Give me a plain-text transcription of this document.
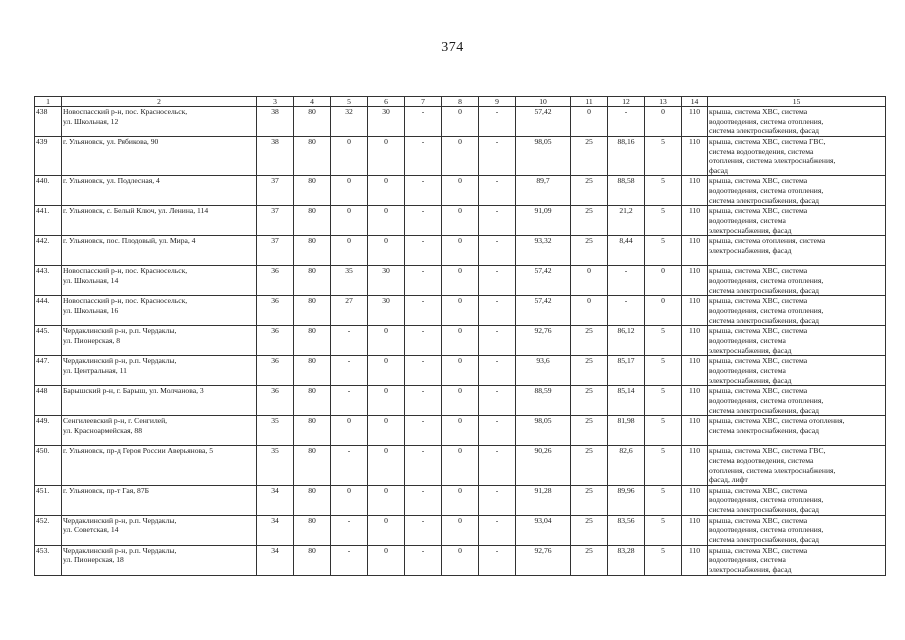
374
1	2	3	4	5	6	7	8	9	10	11	12	13	14	15
438	Новоспасский р-н, пос. Красносельск,
ул. Школьная, 12	38	80	32	30	-	0	-	57,42	0	-	0	110	крыша, система ХВС, система
водоотведения, система отопления,
система электроснабжения, фасад
439	г. Ульяновск, ул. Рябикова, 90	38	80	0	0	-	0	-	98,05	25	88,16	5	110	крыша, система ХВС, система ГВС,
система водоотведения, система
отопления, система электроснабжения,
фасад
440.	г. Ульяновск, ул. Подлесная, 4	37	80	0	0	-	0	-	89,7	25	88,58	5	110	крыша, система ХВС, система
водоотведения, система отопления,
система электроснабжения, фасад
441.	г. Ульяновск, с. Белый Ключ, ул. Ленина, 114	37	80	0	0	-	0	-	91,09	25	21,2	5	110	крыша, система ХВС, система
водоотведения, система
электроснабжения, фасад
442.	г. Ульяновск, пос. Плодовый, ул. Мира, 4	37	80	0	0	-	0	-	93,32	25	8,44	5	110	крыша, система отопления, система
электроснабжения, фасад
443.	Новоспасский р-н, пос. Красносельск,
ул. Школьная, 14	36	80	35	30	-	0	-	57,42	0	-	0	110	крыша, система ХВС, система
водоотведения, система отопления,
система электроснабжения, фасад
444.	Новоспасский р-н, пос. Красносельск,
ул. Школьная, 16	36	80	27	30	-	0	-	57,42	0	-	0	110	крыша, система ХВС, система
водоотведения, система отопления,
система электроснабжения, фасад
445.	Чердаклинский р-н, р.п. Чердаклы,
ул. Пионерская, 8	36	80	-	0	-	0	-	92,76	25	86,12	5	110	крыша, система ХВС, система
водоотведения, система
электроснабжения, фасад
447.	Чердаклинский р-н, р.п. Чердаклы,
ул. Центральная, 11	36	80	-	0	-	0	-	93,6	25	85,17	5	110	крыша, система ХВС, система
водоотведения, система
электроснабжения, фасад
448	Барышский р-н, г. Барыш, ул. Молчанова, 3	36	80	-	0	-	0	-	88,59	25	85,14	5	110	крыша, система ХВС, система
водоотведения, система отопления,
система электроснабжения, фасад
449.	Сенгилеевский р-н, г. Сенгилей,
ул. Красноармейская, 88	35	80	0	0	-	0	-	98,05	25	81,98	5	110	крыша, система ХВС, система отопления,
система электроснабжения, фасад
450.	г. Ульяновск, пр-д Героя России Аверьянова, 5	35	80	-	0	-	0	-	90,26	25	82,6	5	110	крыша, система ХВС, система ГВС,
система водоотведения, система
отопления, система электроснабжения,
фасад, лифт
451.	г. Ульяновск, пр-т Гая, 87Б	34	80	0	0	-	0	-	91,28	25	89,96	5	110	крыша, система ХВС, система
водоотведения, система отопления,
система электроснабжения, фасад
452.	Чердаклинский р-н, р.п. Чердаклы,
ул. Советская, 14	34	80	-	0	-	0	-	93,04	25	83,56	5	110	крыша, система ХВС, система
водоотведения, система отопления,
система электроснабжения, фасад
453.	Чердаклинский р-н, р.п. Чердаклы,
ул. Пионерская, 18	34	80	-	0	-	0	-	92,76	25	83,28	5	110	крыша, система ХВС, система
водоотведения, система
электроснабжения, фасад
